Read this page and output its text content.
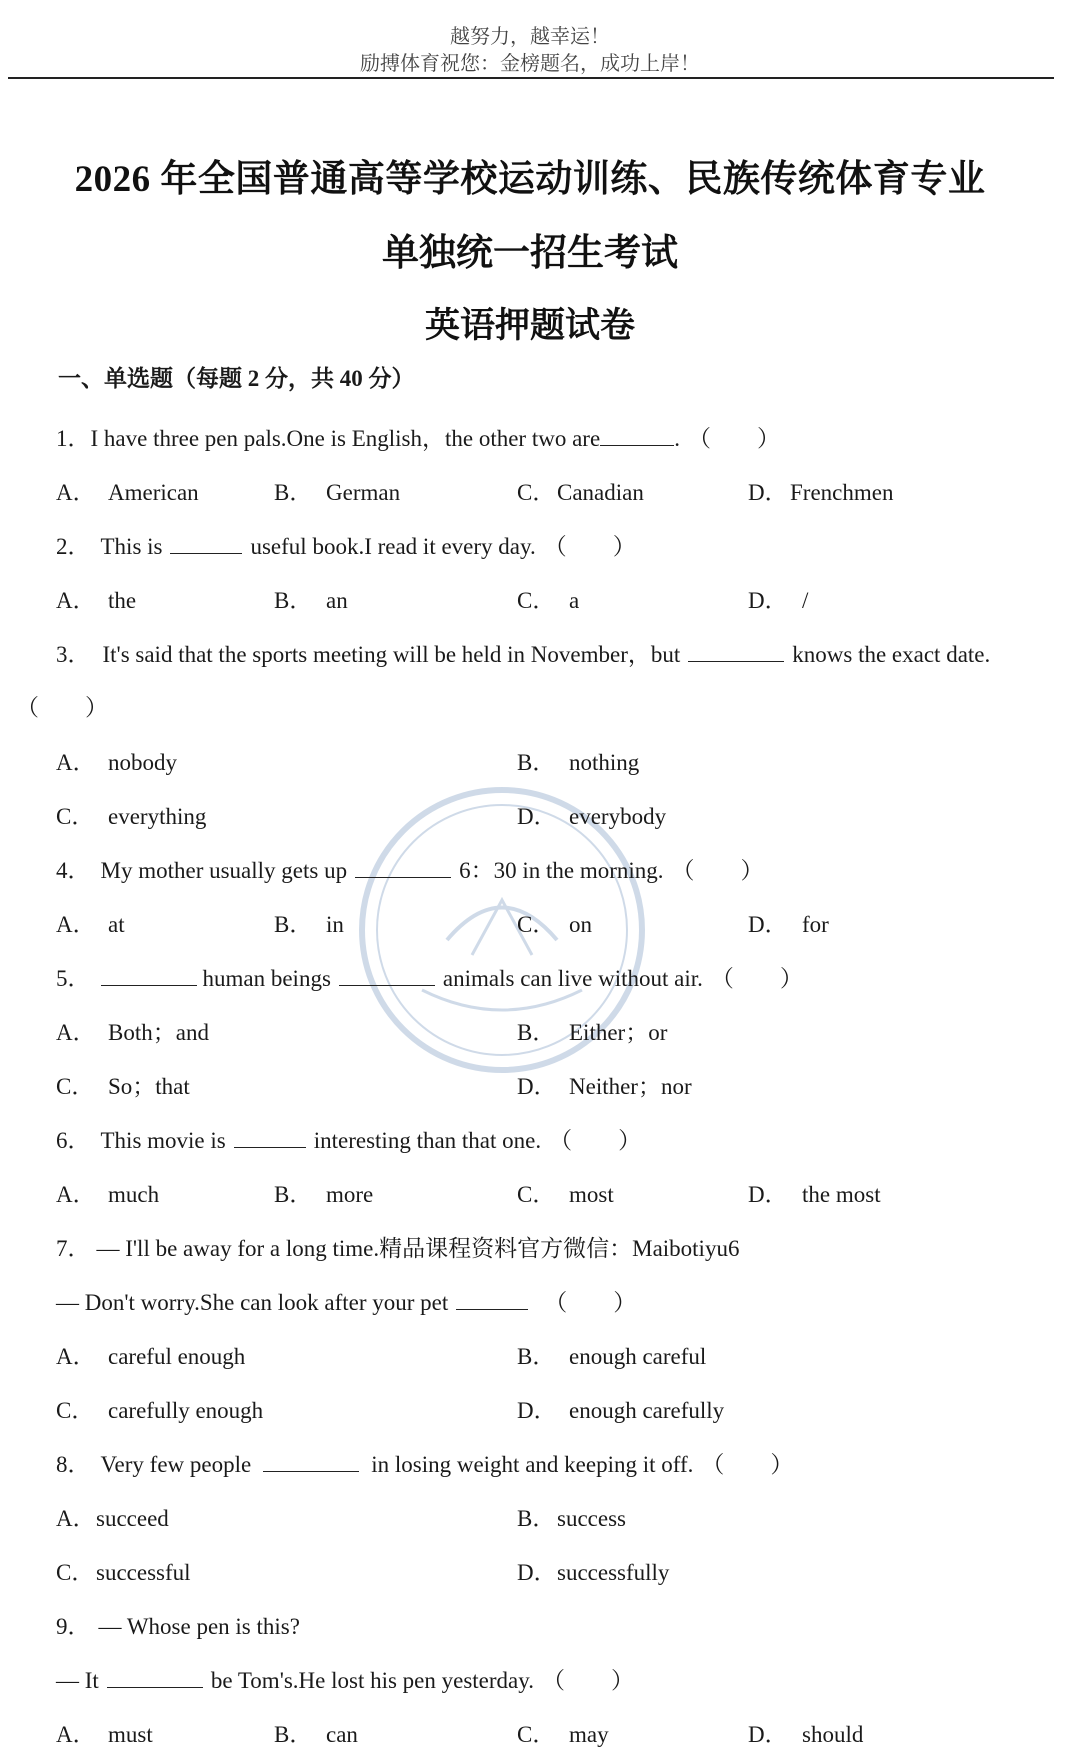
越努力，越幸运！
励搏体育祝您：金榜题名，成功上岸！
2026 年全国普通高等学校运动训练、民族传统体育专业
单独统一招生考试
英语押题试卷
一、单选题（每题 2 分，共 40 分）
1．I have three pen pals.One is English，the other two are	. （　　）
A． American	B． German	C．Canadian	D． Frenchmen
2． This is	useful book.I read it every day. （　　）
A． the	B． an	C． a	D． /
3． It's said that the sports meeting will be held in November，but	knows the exact date.
（　　）
A． nobody	B． nothing
C． everything	D． everybody
4． My mother usually gets up	6：30 in the morning. （　　）
A． at	B． in	C． on	D． for
5．	human beings	animals can live without air. （　　）
A． Both；and	B． Either；or
C． So；that	D． Neither；nor
6． This movie is	interesting than that one. （　　）
A． much	B． more	C． most	D． the most
7． — I'll be away for a long time.精品课程资料官方微信：Maibotiyu6
— Don't worry.She can look after your pet	（　　）
A． careful enough	B． enough careful
C． carefully enough	D． enough carefully
8． Very few people	in losing weight and keeping it off. （　　）
A．succeed	B．success
C．successful	D．successfully
9． — Whose pen is this?
— It	be Tom's.He lost his pen yesterday. （　　）
A． must	B． can	C． may	D． should
